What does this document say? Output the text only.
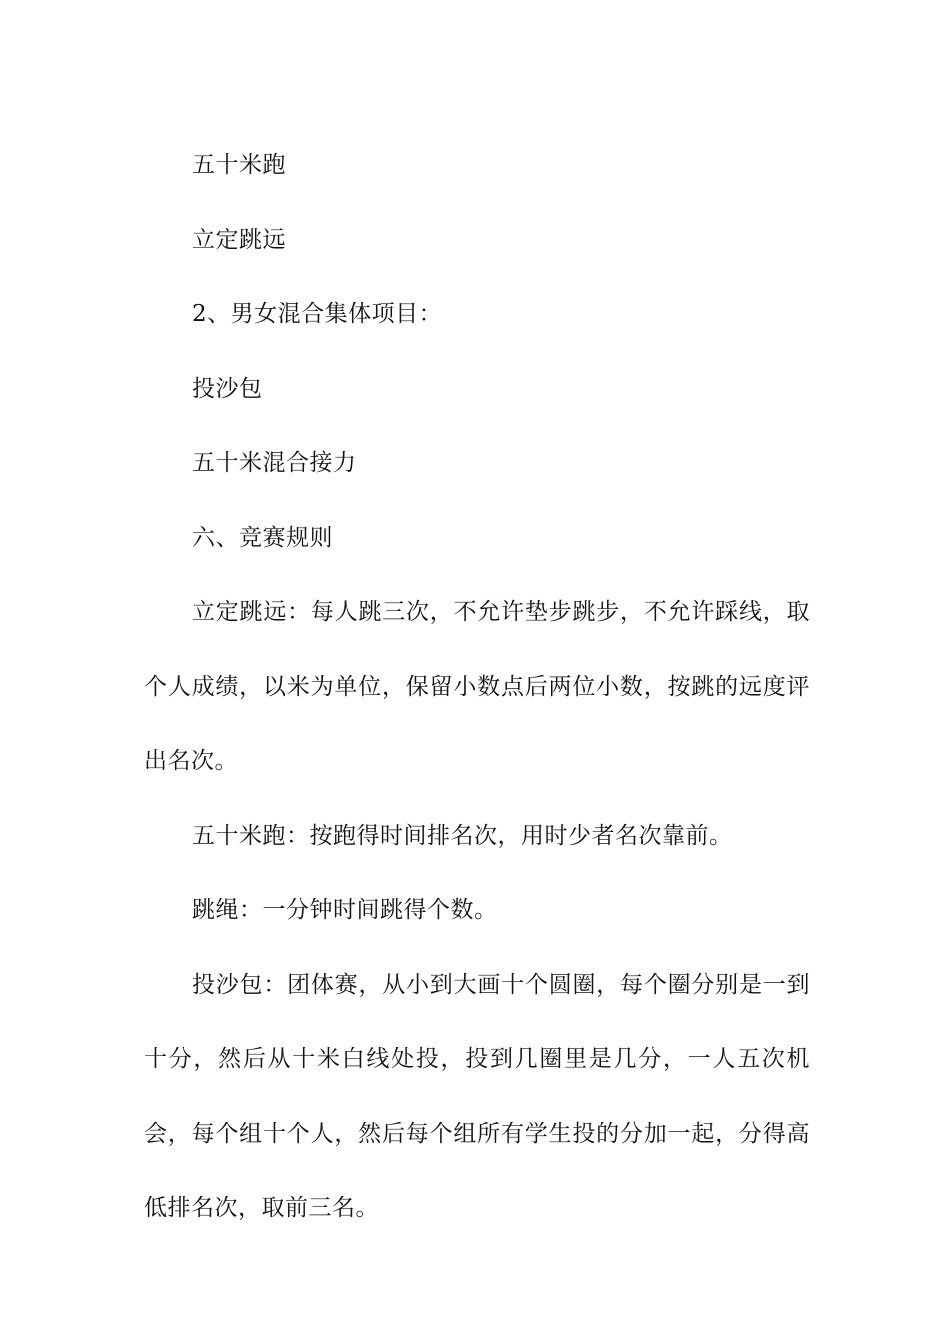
五十米跑

立定跳远

2、男女混合集体项目：

投沙包

五十米混合接力

六、竞赛规则

立定跳远：每人跳三次，不允许垫步跳步，不允许踩线，取个人成绩，以米为单位，保留小数点后两位小数，按跳的远度评出名次。

五十米跑：按跑得时间排名次，用时少者名次靠前。

跳绳：一分钟时间跳得个数。

投沙包：团体赛，从小到大画十个圆圈，每个圈分别是一到十分，然后从十米白线处投，投到几圈里是几分，一人五次机会，每个组十个人，然后每个组所有学生投的分加一起，分得高低排名次，取前三名。
